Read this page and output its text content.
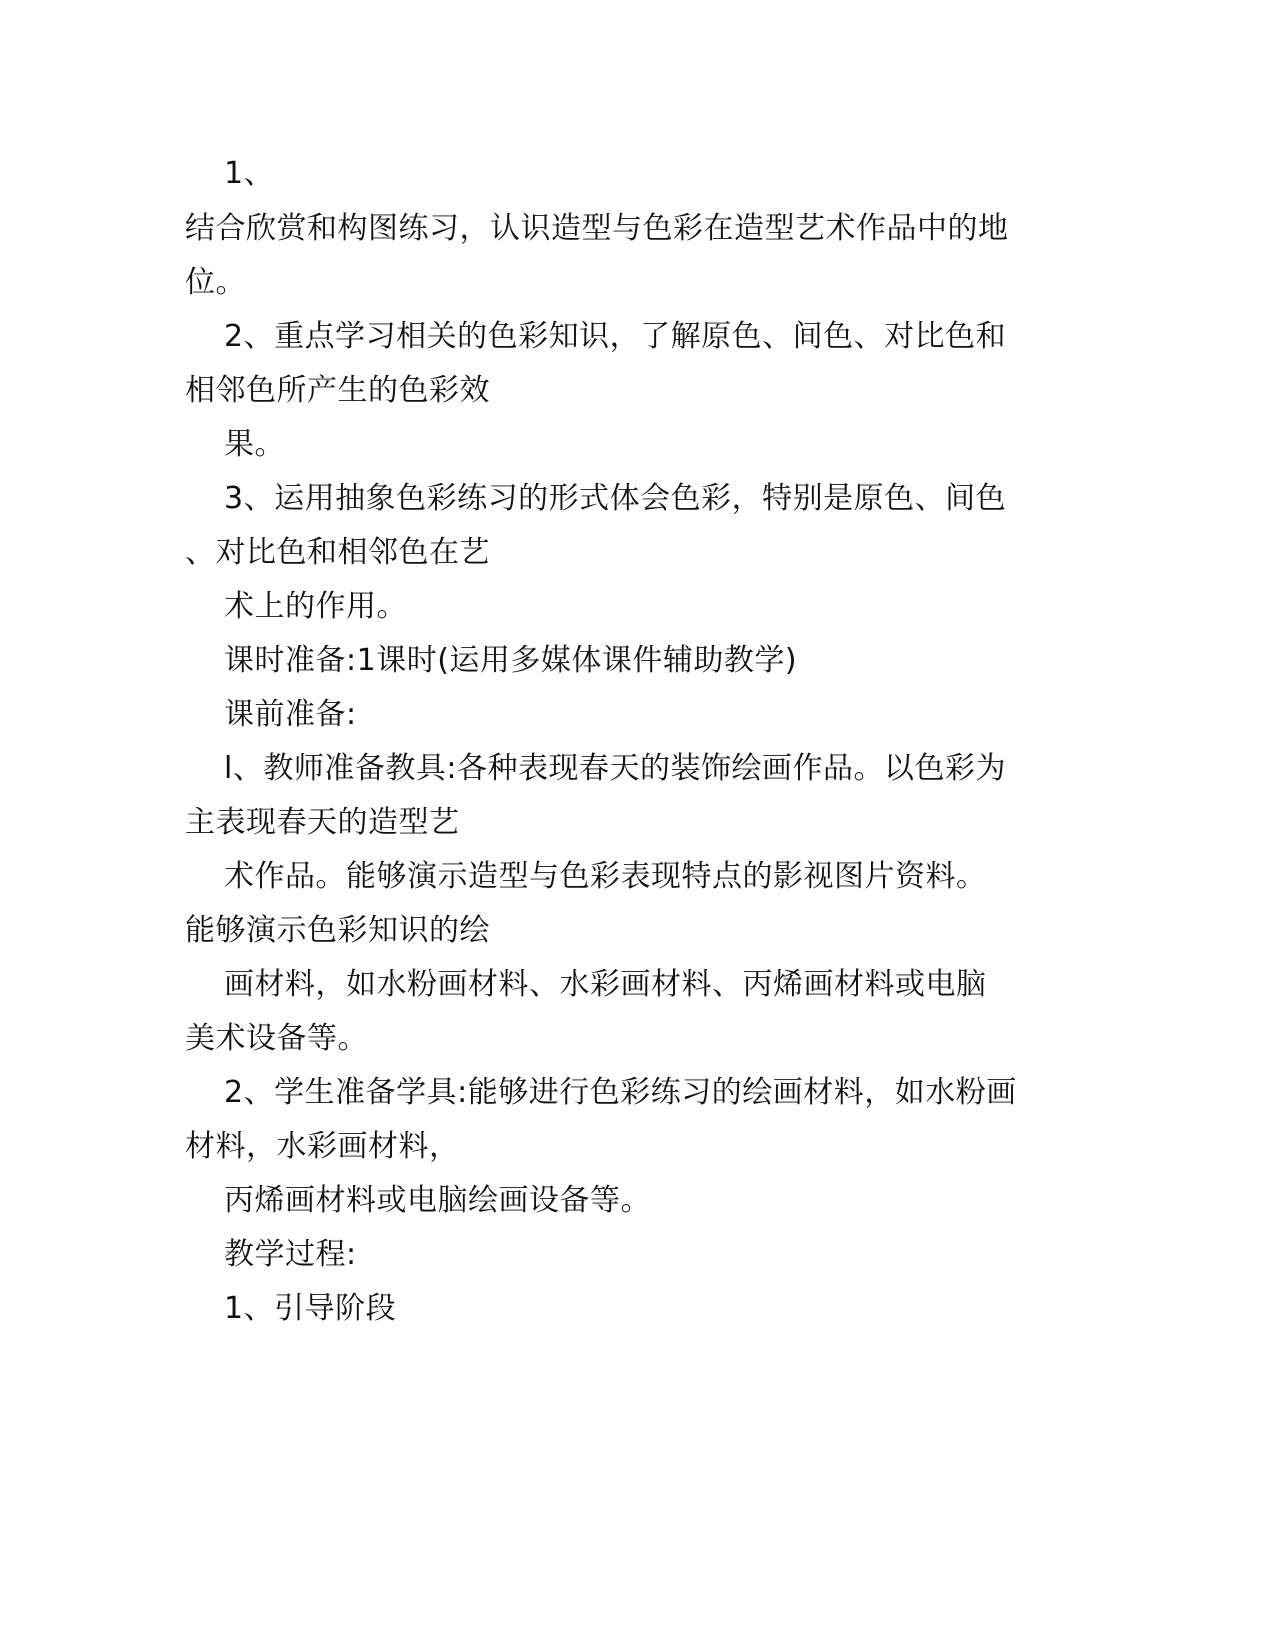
1、
结合欣赏和构图练习，认识造型与色彩在造型艺术作品中的地
位。
2、重点学习相关的色彩知识，了解原色、间色、对比色和
相邻色所产生的色彩效
果。
3、运用抽象色彩练习的形式体会色彩，特别是原色、间色
、对比色和相邻色在艺
术上的作用。
课时准备:1课时(运用多媒体课件辅助教学)
课前准备:
l、教师准备教具:各种表现春天的装饰绘画作品。以色彩为
主表现春天的造型艺
术作品。能够演示造型与色彩表现特点的影视图片资料。
能够演示色彩知识的绘
画材料，如水粉画材料、水彩画材料、丙烯画材料或电脑
美术设备等。
2、学生准备学具:能够进行色彩练习的绘画材料，如水粉画
材料，水彩画材料，
丙烯画材料或电脑绘画设备等。
教学过程:
1、引导阶段
